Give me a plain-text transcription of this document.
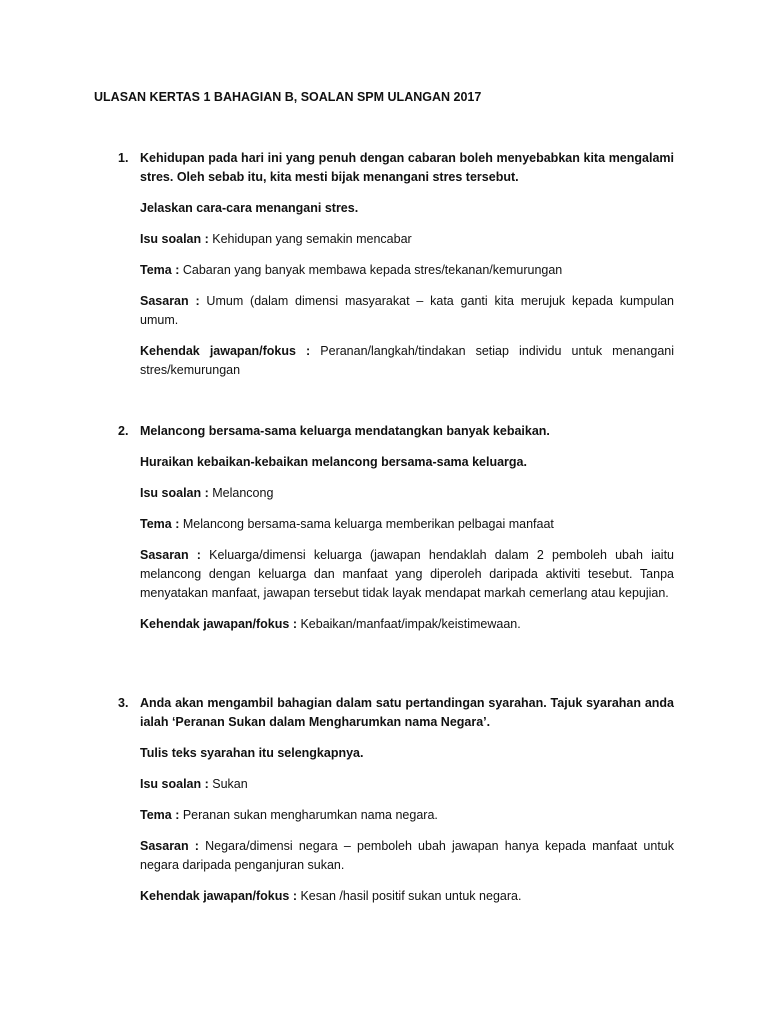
ULASAN KERTAS 1 BAHAGIAN B, SOALAN SPM ULANGAN 2017
1. Kehidupan pada hari ini yang penuh dengan cabaran boleh menyebabkan kita mengalami stres. Oleh sebab itu, kita mesti bijak menangani stres tersebut.

Jelaskan cara-cara menangani stres.

Isu soalan : Kehidupan yang semakin mencabar

Tema : Cabaran yang banyak membawa kepada stres/tekanan/kemurungan

Sasaran : Umum (dalam dimensi masyarakat – kata ganti kita merujuk kepada kumpulan umum.

Kehendak jawapan/fokus : Peranan/langkah/tindakan setiap individu untuk menangani stres/kemurungan

2. Melancong bersama-sama keluarga mendatangkan banyak kebaikan.

Huraikan kebaikan-kebaikan melancong bersama-sama keluarga.

Isu soalan : Melancong

Tema : Melancong bersama-sama keluarga memberikan pelbagai manfaat

Sasaran : Keluarga/dimensi keluarga (jawapan hendaklah dalam 2 pemboleh ubah iaitu melancong dengan keluarga dan manfaat yang diperoleh daripada aktiviti tesebut. Tanpa menyatakan manfaat, jawapan tersebut tidak layak mendapat markah cemerlang atau kepujian.

Kehendak jawapan/fokus : Kebaikan/manfaat/impak/keistimewaan.

3. Anda akan mengambil bahagian dalam satu pertandingan syarahan. Tajuk syarahan anda ialah ‘Peranan Sukan dalam Mengharumkan nama Negara’.

Tulis teks syarahan itu selengkapnya.

Isu soalan : Sukan

Tema : Peranan sukan mengharumkan nama negara.

Sasaran : Negara/dimensi negara – pemboleh ubah jawapan hanya kepada manfaat untuk negara daripada penganjuran sukan.

Kehendak jawapan/fokus : Kesan /hasil positif sukan untuk negara.
